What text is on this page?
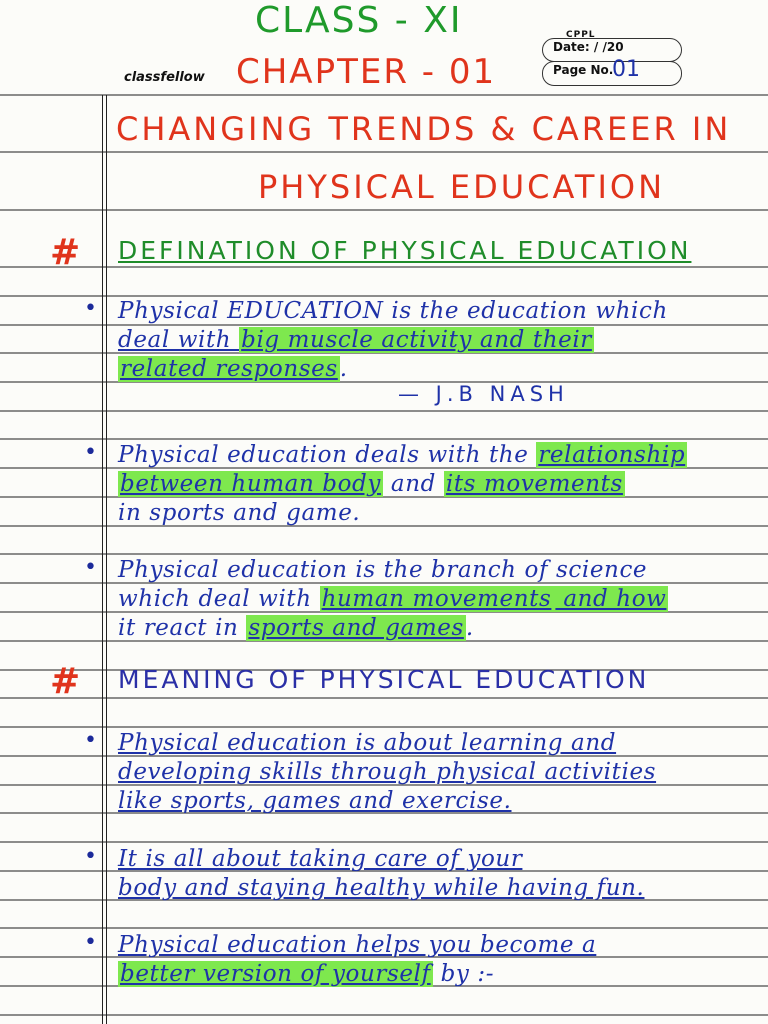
CLASS - XI
CHAPTER - 01
classfellow
CPPL
Date: / /20
Page No.
01
CHANGING TRENDS & CAREER IN
PHYSICAL EDUCATION
# DEFINATION OF PHYSICAL EDUCATION
• Physical EDUCATION is the education which
deal with big muscle activity and their
related responses.
— J.B NASH
• Physical education deals with the relationship
between human body and its movements
in sports and game.
• Physical education is the branch of science
which deal with human movements and how
it react in sports and games.
# MEANING OF PHYSICAL EDUCATION
• Physical education is about learning and
developing skills through physical activities
like sports, games and exercise.
• It is all about taking care of your
body and staying healthy while having fun.
• Physical education helps you become a
better version of yourself by :-
